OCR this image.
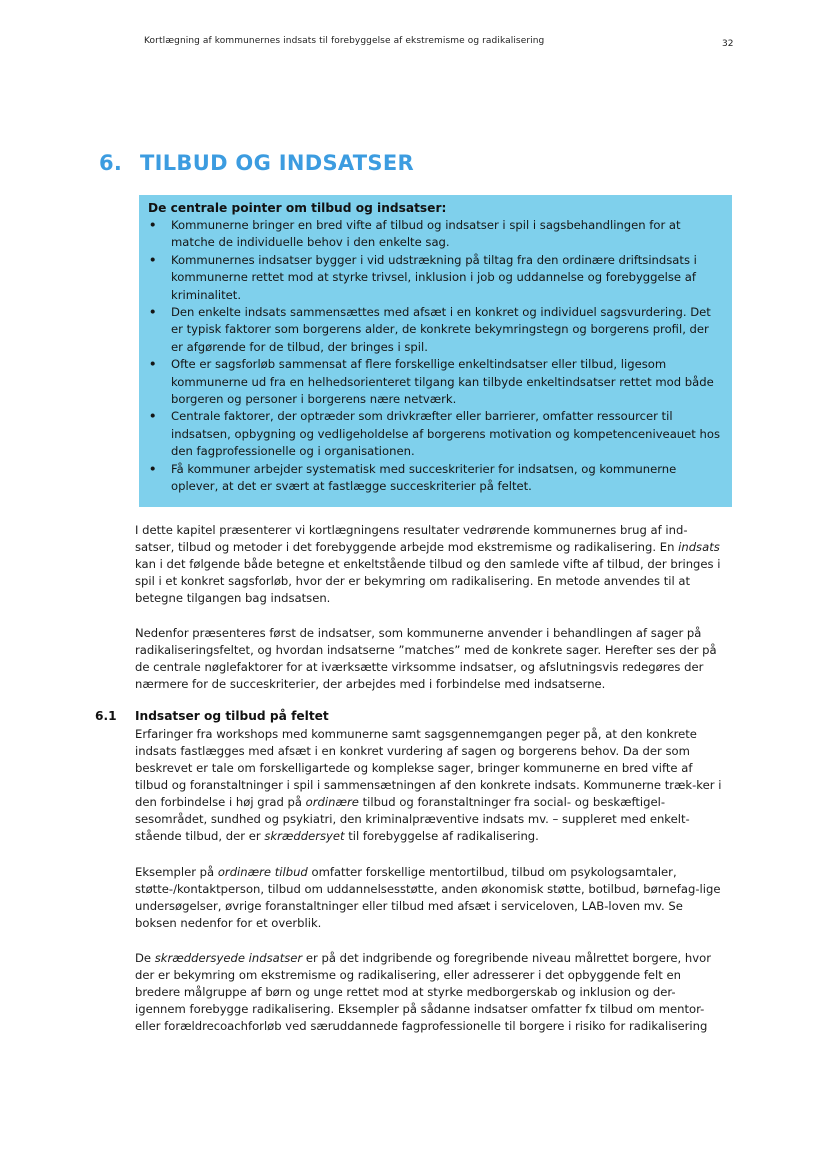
Kortlægning af kommunernes indsats til forebyggelse af ekstremisme og radikalisering	32
6. TILBUD OG INDSATSER
De centrale pointer om tilbud og indsatser:
• Kommunerne bringer en bred vifte af tilbud og indsatser i spil i sagsbehandlingen for at matche de individuelle behov i den enkelte sag.
• Kommunernes indsatser bygger i vid udstrækning på tiltag fra den ordinære driftsindsats i kommunerne rettet mod at styrke trivsel, inklusion i job og uddannelse og forebyggelse af kriminalitet.
• Den enkelte indsats sammensættes med afsæt i en konkret og individuel sagsvurdering. Det er typisk faktorer som borgerens alder, de konkrete bekymringstegn og borgerens profil, der er afgørende for de tilbud, der bringes i spil.
• Ofte er sagsforløb sammensat af flere forskellige enkeltindsatser eller tilbud, ligesom kommunerne ud fra en helhedsorienteret tilgang kan tilbyde enkeltindsatser rettet mod både borgeren og personer i borgerens nære netværk.
• Centrale faktorer, der optræder som drivkræfter eller barrierer, omfatter ressourcer til indsatsen, opbygning og vedligeholdelse af borgerens motivation og kompetenceniveauet hos den fagprofessionelle og i organisationen.
• Få kommuner arbejder systematisk med succeskriterier for indsatsen, og kommunerne oplever, at det er svært at fastlægge succeskriterier på feltet.

I dette kapitel præsenterer vi kortlægningens resultater vedrørende kommunernes brug af ind-satser, tilbud og metoder i det forebyggende arbejde mod ekstremisme og radikalisering. En indsats kan i det følgende både betegne et enkeltstående tilbud og den samlede vifte af tilbud, der bringes i spil i et konkret sagsforløb, hvor der er bekymring om radikalisering. En metode anvendes til at betegne tilgangen bag indsatsen.

Nedenfor præsenteres først de indsatser, som kommunerne anvender i behandlingen af sager på radikaliseringsfeltet, og hvordan indsatserne ”matches” med de konkrete sager. Herefter ses der på de centrale nøglefaktorer for at iværksætte virksomme indsatser, og afslutningsvis redegøres der nærmere for de succeskriterier, der arbejdes med i forbindelse med indsatserne.

6.1 Indsatser og tilbud på feltet

Erfaringer fra workshops med kommunerne samt sagsgennemgangen peger på, at den konkrete indsats fastlægges med afsæt i en konkret vurdering af sagen og borgerens behov. Da der som beskrevet er tale om forskelligartede og komplekse sager, bringer kommunerne en bred vifte af tilbud og foranstaltninger i spil i sammensætningen af den konkrete indsats. Kommunerne træk-ker i den forbindelse i høj grad på ordinære tilbud og foranstaltninger fra social- og beskæftigel-sesområdet, sundhed og psykiatri, den kriminalpræventive indsats mv. – suppleret med enkelt-stående tilbud, der er skræddersyet til forebyggelse af radikalisering.

Eksempler på ordinære tilbud omfatter forskellige mentortilbud, tilbud om psykologsamtaler, støtte-/kontaktperson, tilbud om uddannelsesstøtte, anden økonomisk støtte, botilbud, børnefag-lige undersøgelser, øvrige foranstaltninger eller tilbud med afsæt i serviceloven, LAB-loven mv. Se boksen nedenfor for et overblik.

De skræddersyede indsatser er på det indgribende og foregribende niveau målrettet borgere, hvor der er bekymring om ekstremisme og radikalisering, eller adresserer i det opbyggende felt en bredere målgruppe af børn og unge rettet mod at styrke medborgerskab og inklusion og der-igennem forebygge radikalisering. Eksempler på sådanne indsatser omfatter fx tilbud om mentor- eller forældrecoachforløb ved særuddannede fagprofessionelle til borgere i risiko for radikalisering
